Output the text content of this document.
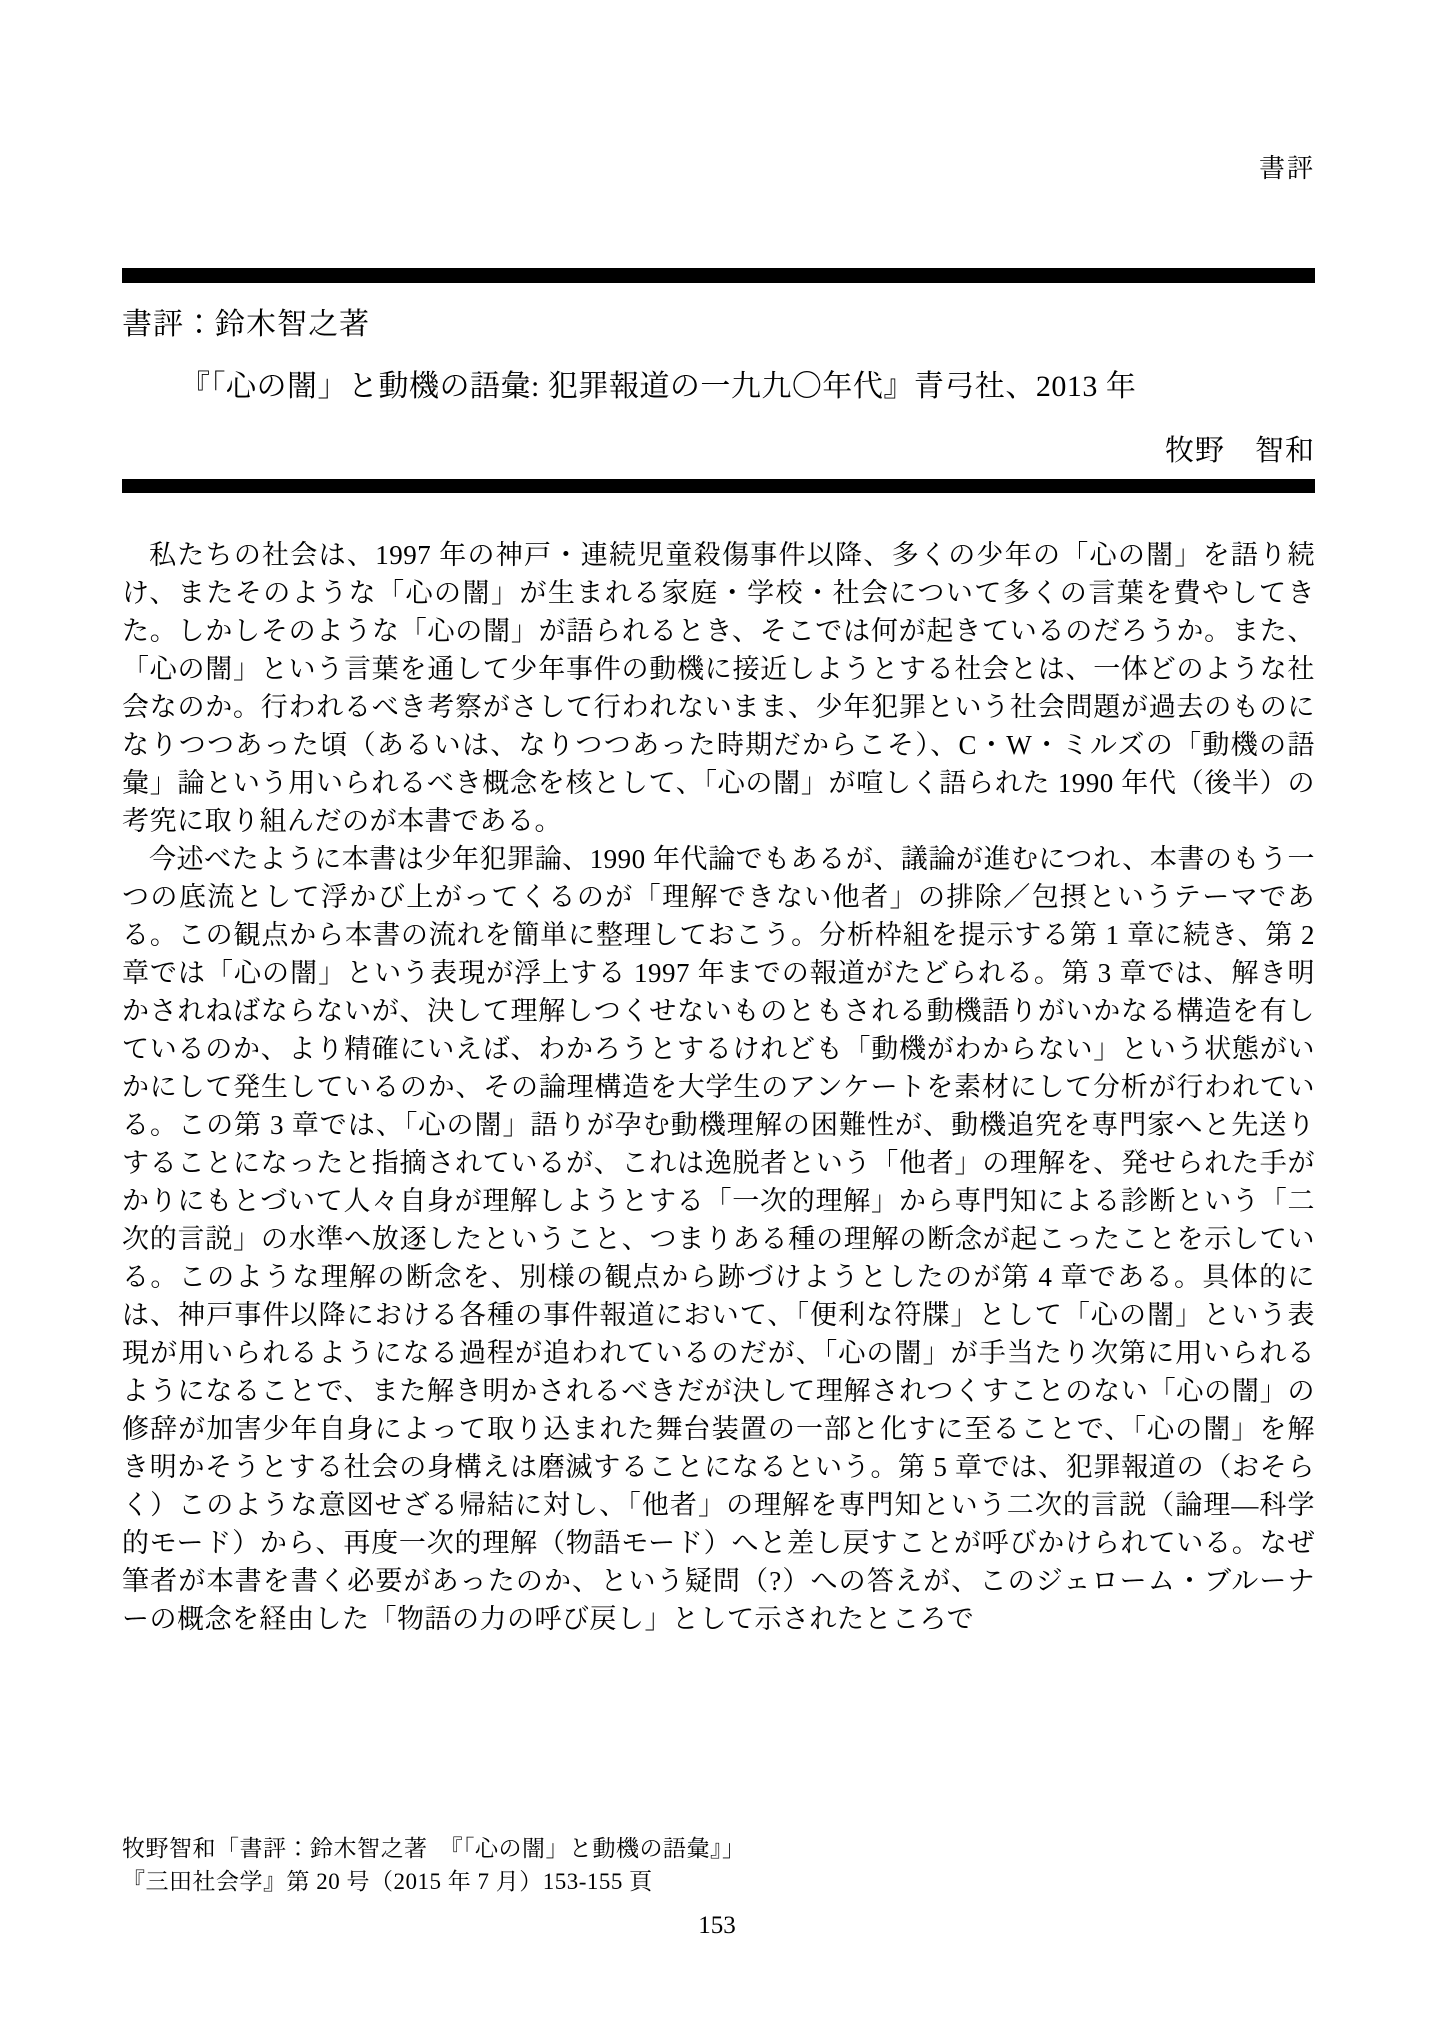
書評
書評：鈴木智之著
『「心の闇」と動機の語彙: 犯罪報道の一九九〇年代』青弓社、2013 年
牧野　智和

私たちの社会は、1997 年の神戸・連続児童殺傷事件以降、多くの少年の「心の闇」を語り続け、またそのような「心の闇」が生まれる家庭・学校・社会について多くの言葉を費やしてきた。しかしそのような「心の闇」が語られるとき、そこでは何が起きているのだろうか。また、「心の闇」という言葉を通して少年事件の動機に接近しようとする社会とは、一体どのような社会なのか。行われるべき考察がさして行われないまま、少年犯罪という社会問題が過去のものになりつつあった頃（あるいは、なりつつあった時期だからこそ）、C・W・ミルズの「動機の語彙」論という用いられるべき概念を核として、「心の闇」が喧しく語られた 1990 年代（後半）の考究に取り組んだのが本書である。

今述べたように本書は少年犯罪論、1990 年代論でもあるが、議論が進むにつれ、本書のもう一つの底流として浮かび上がってくるのが「理解できない他者」の排除／包摂というテーマである。この観点から本書の流れを簡単に整理しておこう。分析枠組を提示する第 1 章に続き、第 2 章では「心の闇」という表現が浮上する 1997 年までの報道がたどられる。第 3 章では、解き明かされねばならないが、決して理解しつくせないものともされる動機語りがいかなる構造を有しているのか、より精確にいえば、わかろうとするけれども「動機がわからない」という状態がいかにして発生しているのか、その論理構造を大学生のアンケートを素材にして分析が行われている。この第 3 章では、「心の闇」語りが孕む動機理解の困難性が、動機追究を専門家へと先送りすることになったと指摘されているが、これは逸脱者という「他者」の理解を、発せられた手がかりにもとづいて人々自身が理解しようとする「一次的理解」から専門知による診断という「二次的言説」の水準へ放逐したということ、つまりある種の理解の断念が起こったことを示している。このような理解の断念を、別様の観点から跡づけようとしたのが第 4 章である。具体的には、神戸事件以降における各種の事件報道において、「便利な符牒」として「心の闇」という表現が用いられるようになる過程が追われているのだが、「心の闇」が手当たり次第に用いられるようになることで、また解き明かされるべきだが決して理解されつくすことのない「心の闇」の修辞が加害少年自身によって取り込まれた舞台装置の一部と化すに至ることで、「心の闇」を解き明かそうとする社会の身構えは磨滅することになるという。第 5 章では、犯罪報道の（おそらく）このような意図せざる帰結に対し、「他者」の理解を専門知という二次的言説（論理―科学的モード）から、再度一次的理解（物語モード）へと差し戻すことが呼びかけられている。なぜ筆者が本書を書く必要があったのか、という疑問（?）への答えが、このジェローム・ブルーナーの概念を経由した「物語の力の呼び戻し」として示されたところで

牧野智和「書評：鈴木智之著　『「心の闇」と動機の語彙』」
『三田社会学』第 20 号（2015 年 7 月）153-155 頁
153
